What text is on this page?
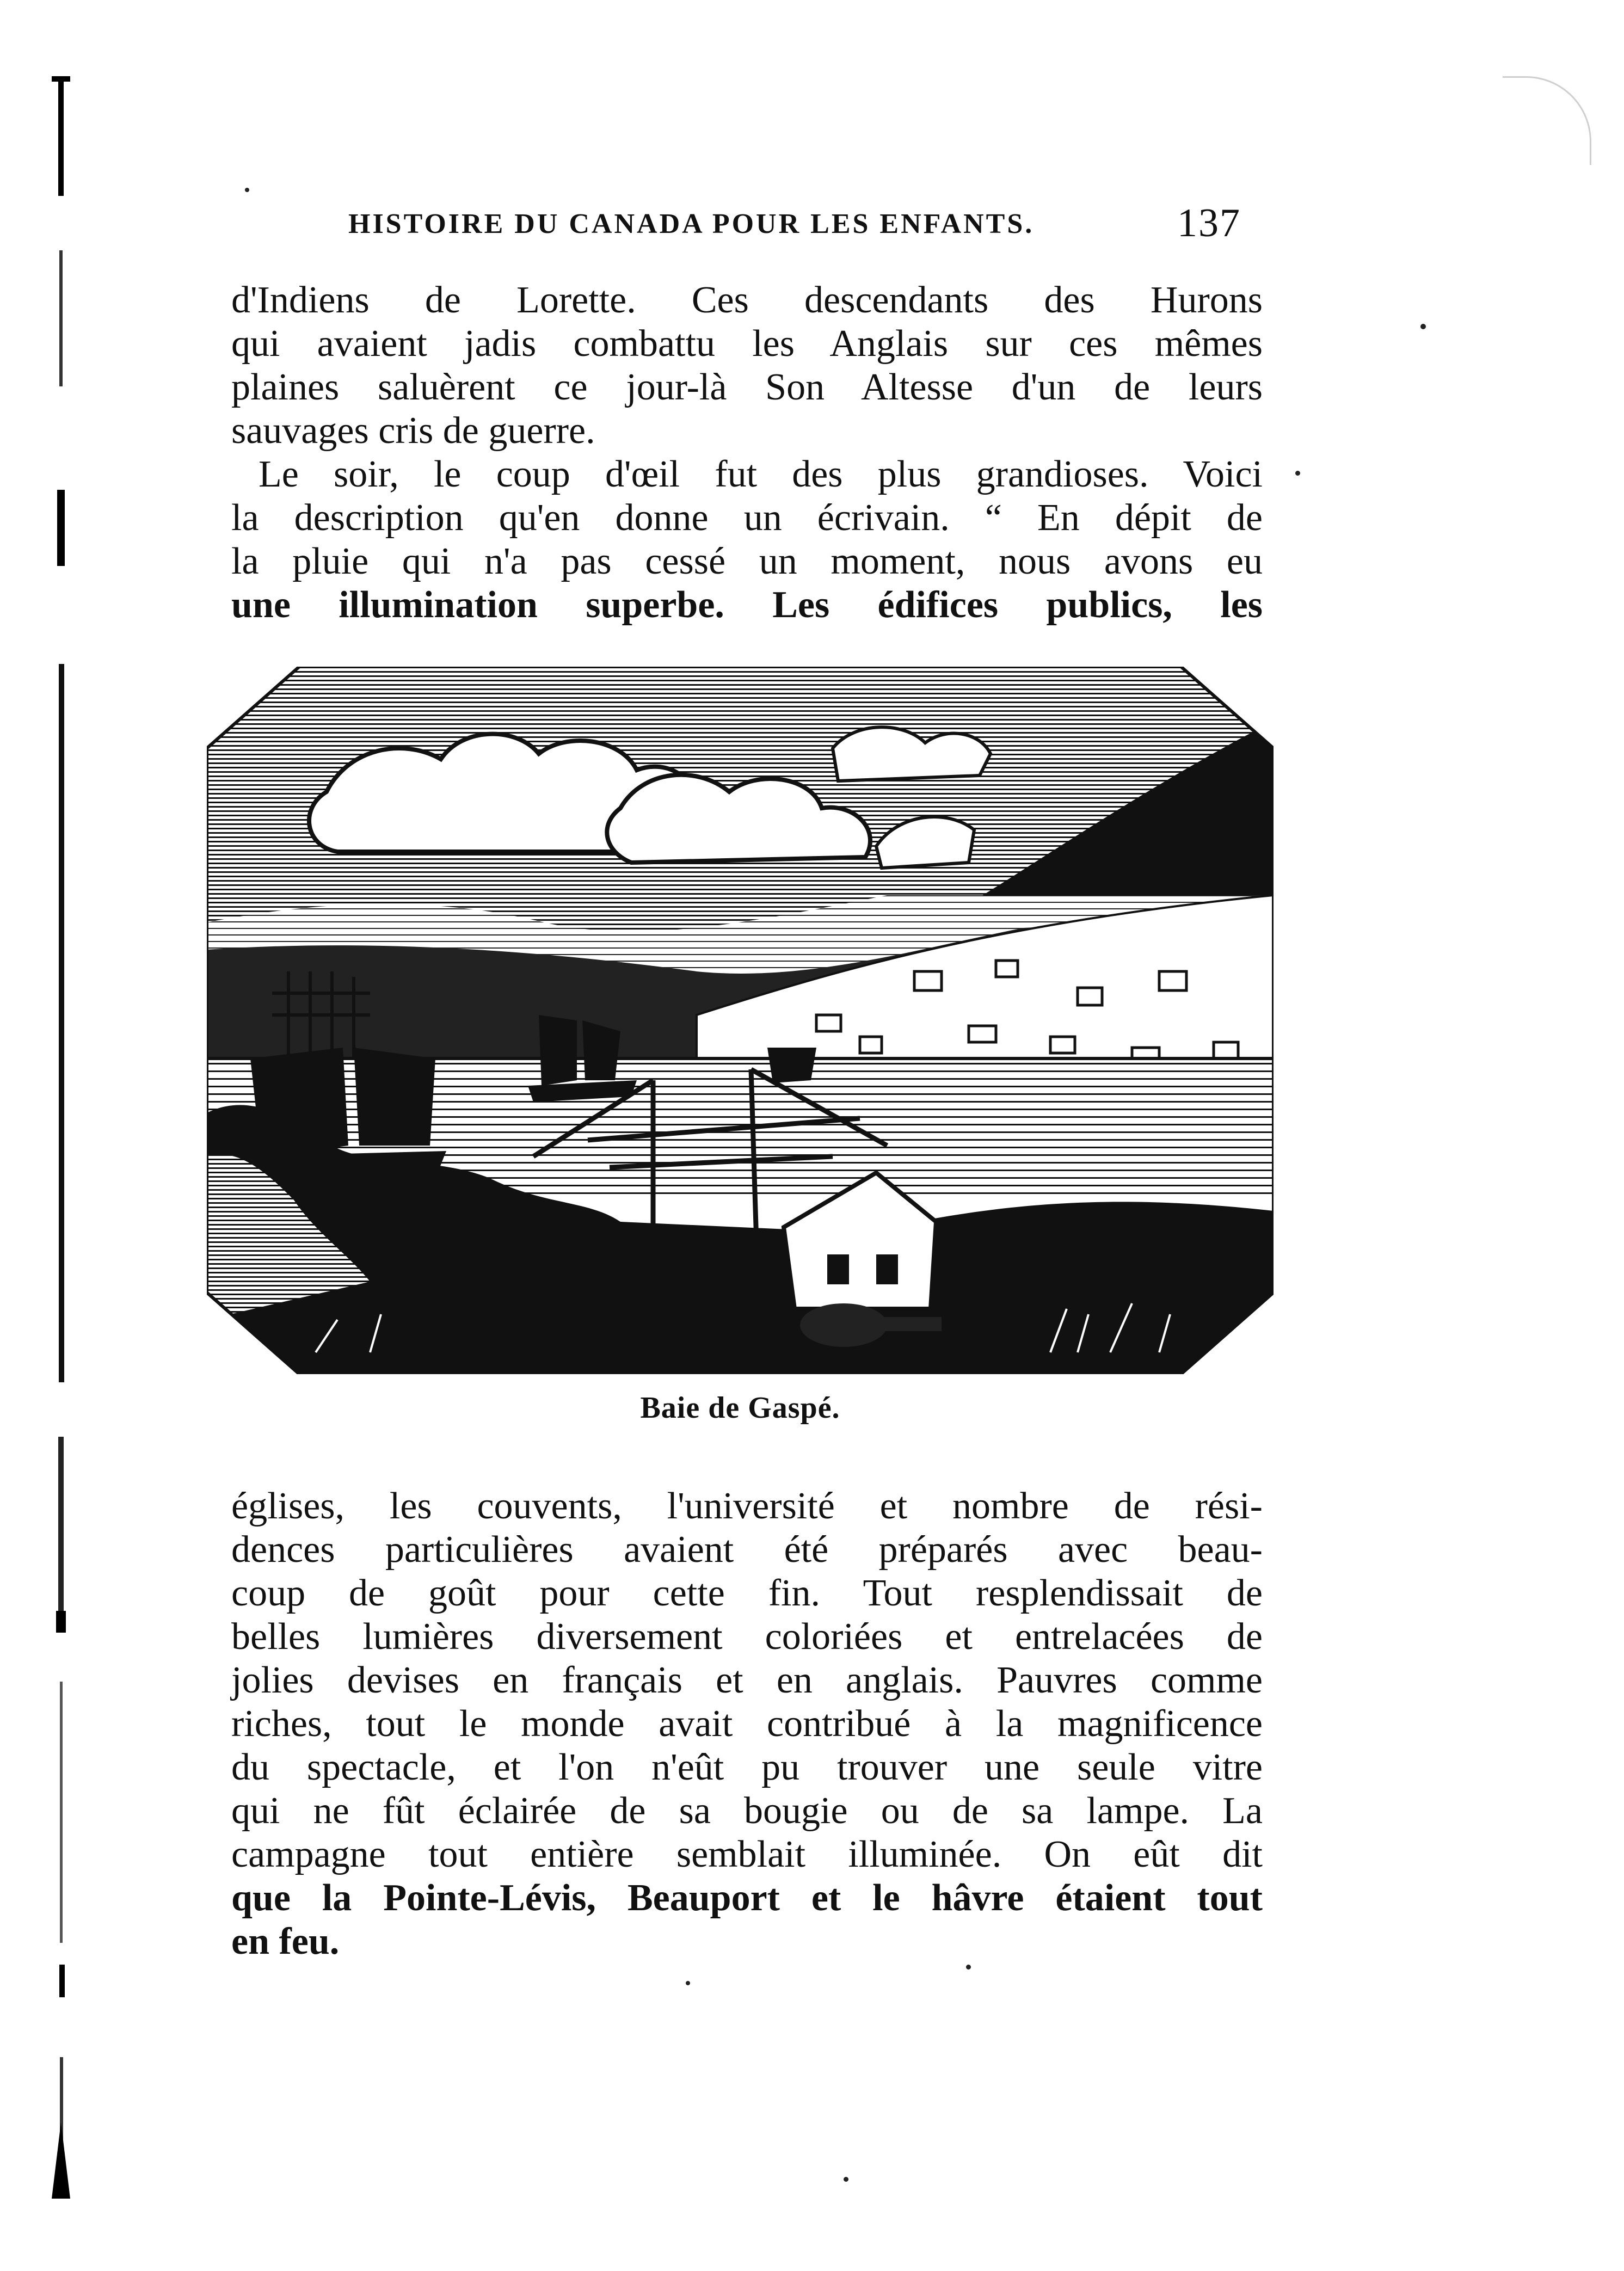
HISTOIRE DU CANADA POUR LES ENFANTS.	137
d'Indiens de Lorette. Ces descendants des Hurons
qui avaient jadis combattu les Anglais sur ces mêmes
plaines saluèrent ce jour-là Son Altesse d'un de leurs
sauvages cris de guerre.
Le soir, le coup d'œil fut des plus grandioses. Voici
la description qu'en donne un écrivain. “ En dépit de
la pluie qui n'a pas cessé un moment, nous avons eu
une illumination superbe. Les édifices publics, les
Baie de Gaspé.
églises, les couvents, l'université et nombre de rési-
dences particulières avaient été préparés avec beau-
coup de goût pour cette fin. Tout resplendissait de
belles lumières diversement coloriées et entrelacées de
jolies devises en français et en anglais. Pauvres comme
riches, tout le monde avait contribué à la magnificence
du spectacle, et l'on n'eût pu trouver une seule vitre
qui ne fût éclairée de sa bougie ou de sa lampe. La
campagne tout entière semblait illuminée. On eût dit
que la Pointe-Lévis, Beauport et le hâvre étaient tout
en feu.
